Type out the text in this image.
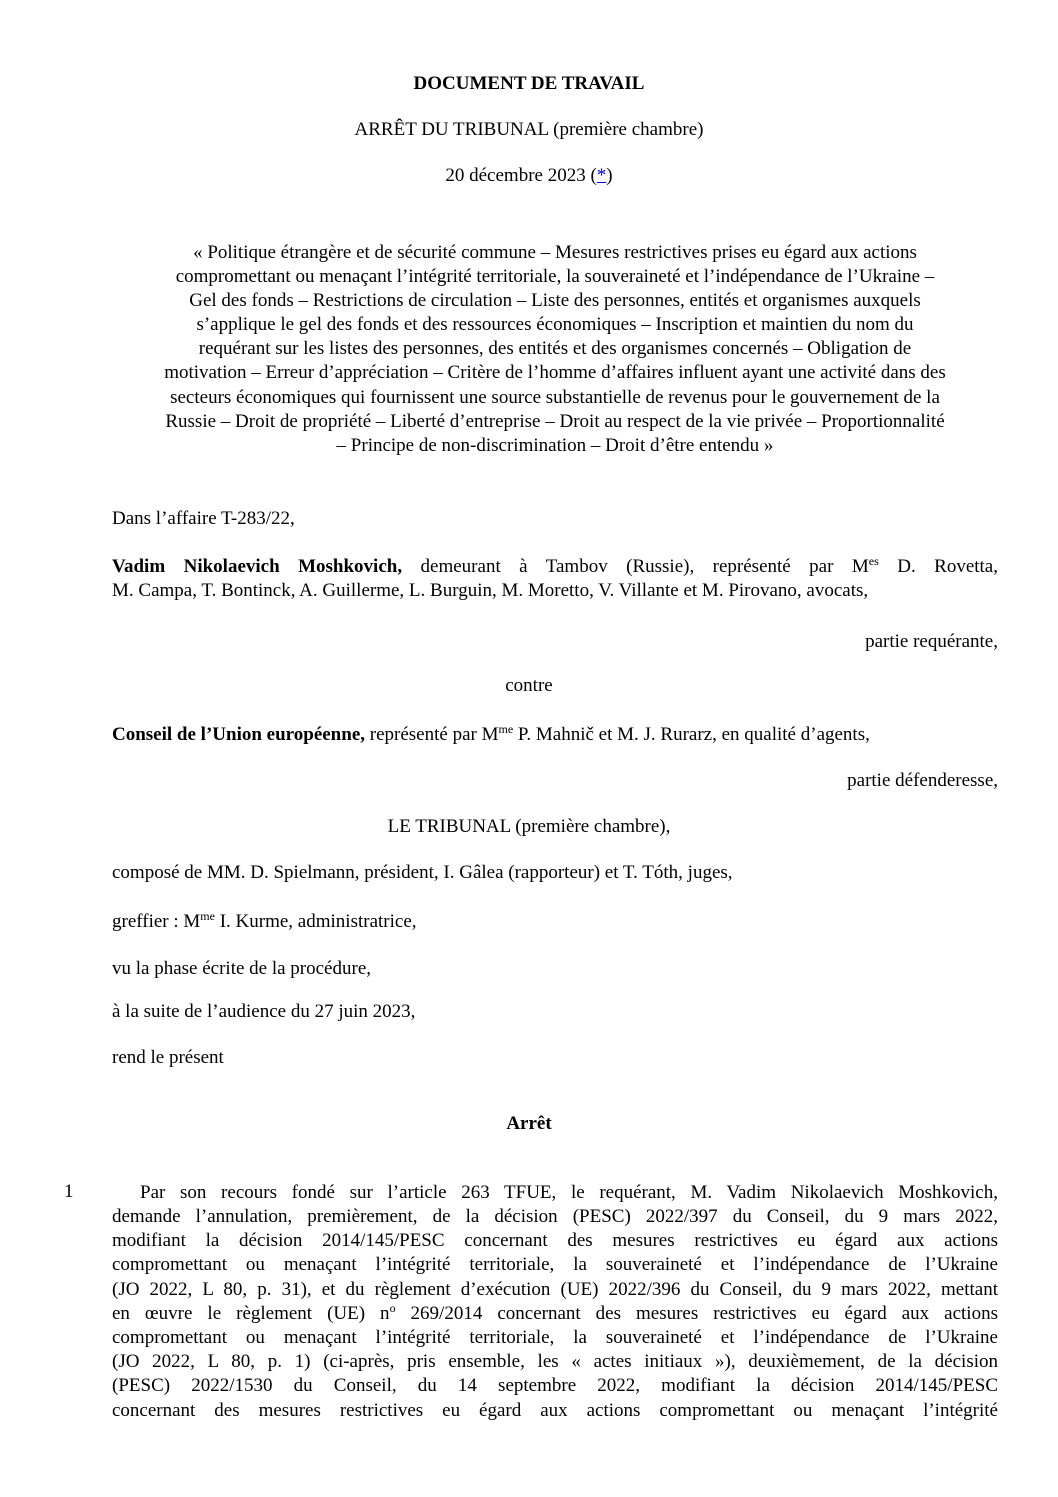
DOCUMENT DE TRAVAIL
ARRÊT DU TRIBUNAL (première chambre)
20 décembre 2023 (*)
« Politique étrangère et de sécurité commune – Mesures restrictives prises eu égard aux actions
compromettant ou menaçant l’intégrité territoriale, la souveraineté et l’indépendance de l’Ukraine –
Gel des fonds – Restrictions de circulation – Liste des personnes, entités et organismes auxquels
s’applique le gel des fonds et des ressources économiques – Inscription et maintien du nom du
requérant sur les listes des personnes, des entités et des organismes concernés – Obligation de
motivation – Erreur d’appréciation – Critère de l’homme d’affaires influent ayant une activité dans des
secteurs économiques qui fournissent une source substantielle de revenus pour le gouvernement de la
Russie – Droit de propriété – Liberté d’entreprise – Droit au respect de la vie privée – Proportionnalité
– Principe de non-discrimination – Droit d’être entendu »
Dans l’affaire T-283/22,
Vadim Nikolaevich Moshkovich, demeurant à Tambov (Russie), représenté par $M^{es}$ D. Rovetta,
M. Campa, T. Bontinck, A. Guillerme, L. Burguin, M. Moretto, V. Villante et M. Pirovano, avocats,
partie requérante,
contre
Conseil de l’Union européenne, représenté par $M^{me}$ P. Mahnič et M. J. Rurarz, en qualité d’agents,
partie défenderesse,
LE TRIBUNAL (première chambre),
composé de MM. D. Spielmann, président, I. Gâlea (rapporteur) et T. Tóth, juges,
greffier : $M^{me}$ I. Kurme, administratrice,
vu la phase écrite de la procédure,
à la suite de l’audience du 27 juin 2023,
rend le présent
Arrêt
1	Par son recours fondé sur l’article 263 TFUE, le requérant, M. Vadim Nikolaevich Moshkovich,
demande l’annulation, premièrement, de la décision (PESC) 2022/397 du Conseil, du 9 mars 2022,
modifiant la décision 2014/145/PESC concernant des mesures restrictives eu égard aux actions
compromettant ou menaçant l’intégrité territoriale, la souveraineté et l’indépendance de l’Ukraine
(JO 2022, L 80, p. 31), et du règlement d’exécution (UE) 2022/396 du Conseil, du 9 mars 2022, mettant
en œuvre le règlement (UE) $n^o$ 269/2014 concernant des mesures restrictives eu égard aux actions
compromettant ou menaçant l’intégrité territoriale, la souveraineté et l’indépendance de l’Ukraine
(JO 2022, L 80, p. 1) (ci-après, pris ensemble, les « actes initiaux »), deuxièmement, de la décision
(PESC) 2022/1530 du Conseil, du 14 septembre 2022, modifiant la décision 2014/145/PESC
concernant des mesures restrictives eu égard aux actions compromettant ou menaçant l’intégrité
